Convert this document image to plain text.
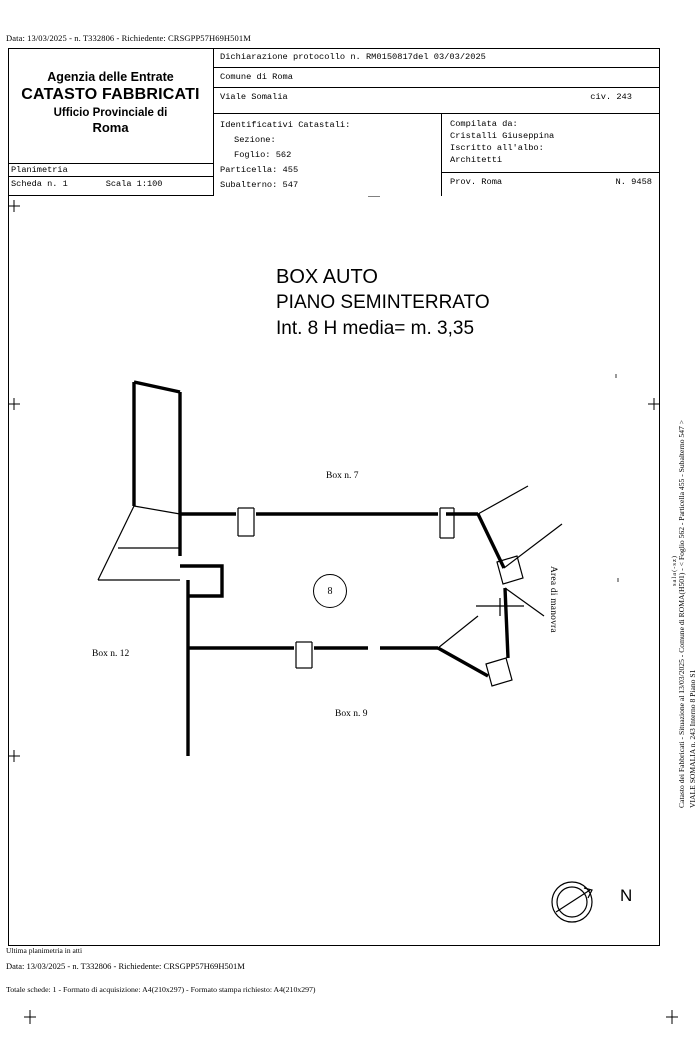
Data: 13/03/2025 - n. T332806 - Richiedente: CRSGPP57H69H501M
Agenzia delle Entrate
CATASTO FABBRICATI
Ufficio Provinciale di
Roma
Planimetria
Scheda n. 1	Scala 1:100
Dichiarazione protocollo n. RM0150817del 03/03/2025
Comune di Roma
Viale Somalia	civ. 243
Identificativi Catastali:
Sezione:
Foglio: 562
Particella: 455
Subalterno: 547
Compilata da:
Cristalli Giuseppina
Iscritto all'albo:
Architetti
Prov. Roma	N. 9458
BOX AUTO
PIANO SEMINTERRATO
Int. 8 H media= m. 3,35
Box n. 7
Box n. 12
Box n. 9
Area di manovra
8
N
Catasto dei Fabbricati - Situazione al 13/03/2025 - Comune di ROMA(H501) - < Foglio 562 - Particella 455 - Subalterno 547 > VIALE SOMALIA n. 243 Interno 8 Piano S1
sala(-sz)
Ultima planimetria in atti
Data: 13/03/2025 - n. T332806 - Richiedente: CRSGPP57H69H501M
Totale schede: 1 - Formato di acquisizione: A4(210x297) - Formato stampa richiesto: A4(210x297)
